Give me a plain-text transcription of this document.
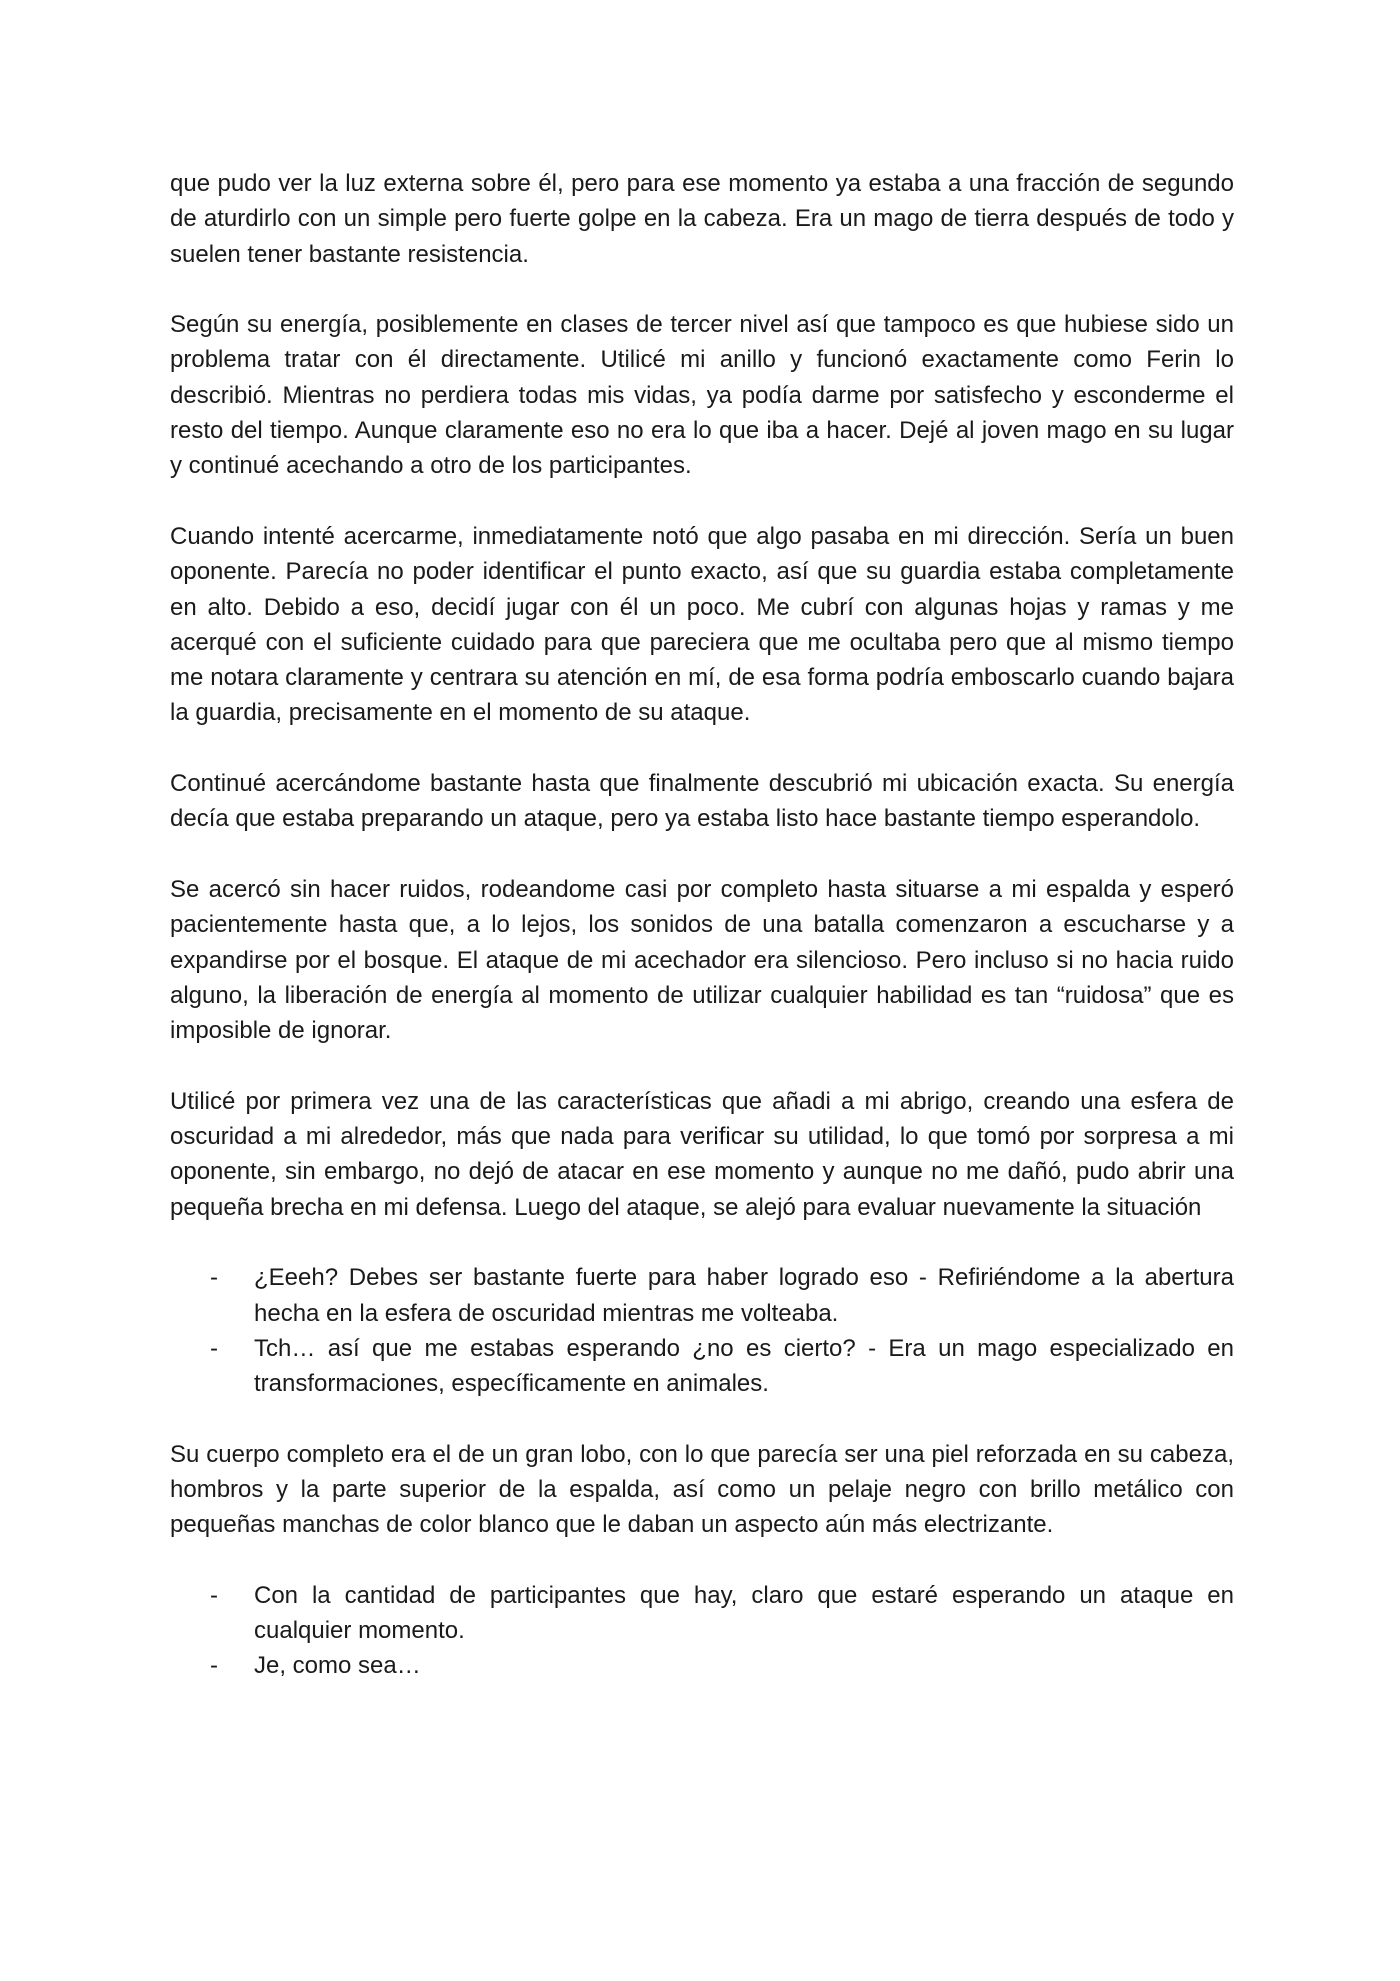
que pudo ver la luz externa sobre él, pero para ese momento ya estaba a una fracción de segundo de aturdirlo con un simple pero fuerte golpe en la cabeza. Era un mago de tierra después de todo y suelen tener bastante resistencia.

Según su energía, posiblemente en clases de tercer nivel así que tampoco es que hubiese sido un problema tratar con él directamente. Utilicé mi anillo y funcionó exactamente como Ferin lo describió. Mientras no perdiera todas mis vidas, ya podía darme por satisfecho y esconderme el resto del tiempo. Aunque claramente eso no era lo que iba a hacer. Dejé al joven mago en su lugar y continué acechando a otro de los participantes.

Cuando intenté acercarme, inmediatamente notó que algo pasaba en mi dirección. Sería un buen oponente. Parecía no poder identificar el punto exacto, así que su guardia estaba completamente en alto. Debido a eso, decidí jugar con él un poco. Me cubrí con algunas hojas y ramas y me acerqué con el suficiente cuidado para que pareciera que me ocultaba pero que al mismo tiempo me notara claramente y centrara su atención en mí, de esa forma podría emboscarlo cuando bajara la guardia, precisamente en el momento de su ataque.

Continué acercándome bastante hasta que finalmente descubrió mi ubicación exacta. Su energía decía que estaba preparando un ataque, pero ya estaba listo hace bastante tiempo esperandolo.

Se acercó sin hacer ruidos, rodeandome casi por completo hasta situarse a mi espalda y esperó pacientemente hasta que, a lo lejos, los sonidos de una batalla comenzaron a escucharse y a expandirse por el bosque. El ataque de mi acechador era silencioso. Pero incluso si no hacia ruido alguno, la liberación de energía al momento de utilizar cualquier habilidad es tan “ruidosa” que es imposible de ignorar.

Utilicé por primera vez una de las características que añadi a mi abrigo, creando una esfera de oscuridad a mi alrededor, más que nada para verificar su utilidad, lo que tomó por sorpresa a mi oponente, sin embargo, no dejó de atacar en ese momento y aunque no me dañó, pudo abrir una pequeña brecha en mi defensa. Luego del ataque, se alejó para evaluar nuevamente la situación

- ¿Eeeh? Debes ser bastante fuerte para haber logrado eso - Refiriéndome a la abertura hecha en la esfera de oscuridad mientras me volteaba.
- Tch… así que me estabas esperando ¿no es cierto? - Era un mago especializado en transformaciones, específicamente en animales.

Su cuerpo completo era el de un gran lobo, con lo que parecía ser una piel reforzada en su cabeza, hombros y la parte superior de la espalda, así como un pelaje negro con brillo metálico con pequeñas manchas de color blanco que le daban un aspecto aún más electrizante.

- Con la cantidad de participantes que hay, claro que estaré esperando un ataque en cualquier momento.
- Je, como sea…
